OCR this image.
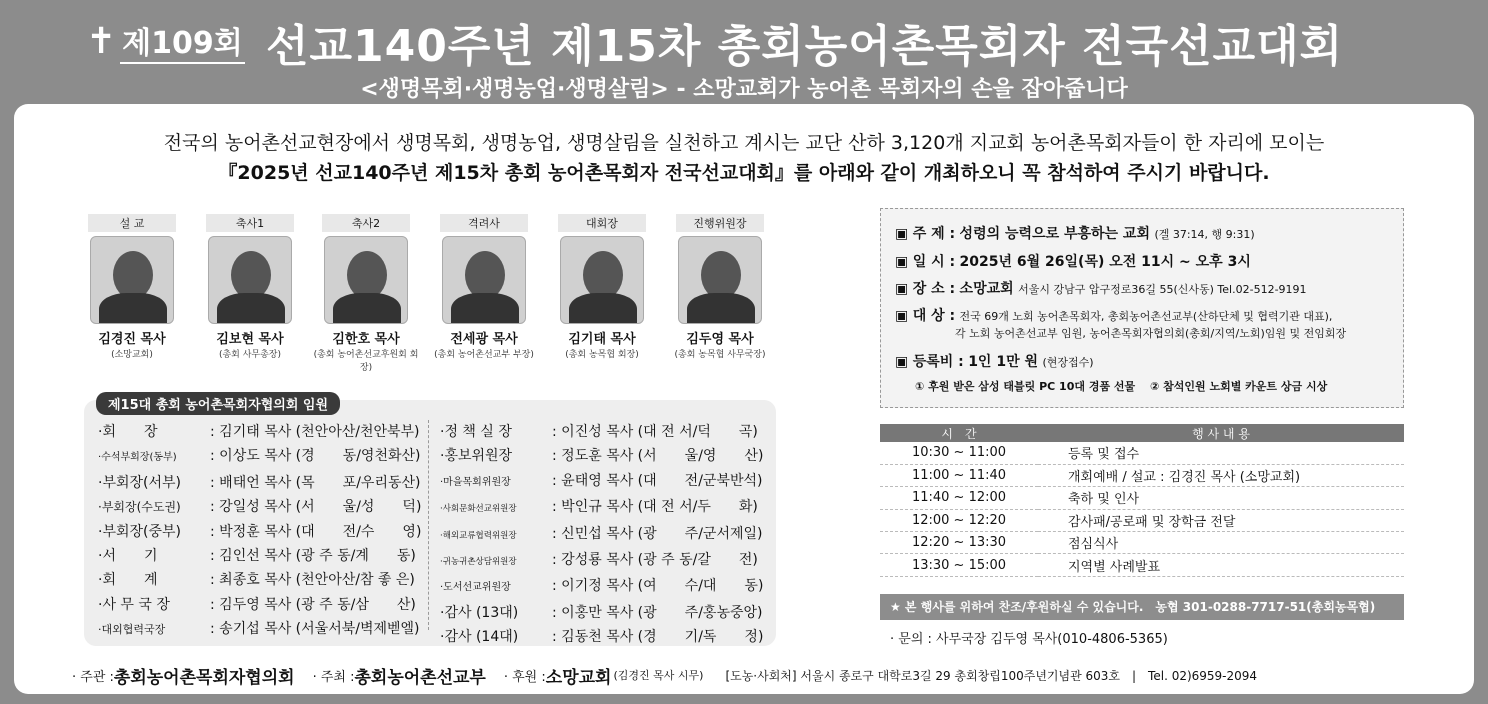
✝ 제109회 선교140주년 제15차 총회농어촌목회자 전국선교대회
<생명목회·생명농업·생명살림> - 소망교회가 농어촌 목회자의 손을 잡아줍니다
전국의 농어촌선교현장에서 생명목회, 생명농업, 생명살림을 실천하고 계시는 교단 산하 3,120개 지교회 농어촌목회자들이 한 자리에 모이는
『2025년 선교140주년 제15차 총회 농어촌목회자 전국선교대회』를 아래와 같이 개최하오니 꼭 참석하여 주시기 바랍니다.
설 교
김경진 목사
(소망교회)
축사1
김보현 목사
(총회 사무총장)
축사2
김한호 목사
(총회 농어촌선교후원회 회장)
격려사
전세광 목사
(총회 농어촌선교부 부장)
대회장
김기태 목사
(총회 농목협 회장)
진행위원장
김두영 목사
(총회 농목협 사무국장)
제15대 총회 농어촌목회자협의회 임원
·회　　장	: 김기태 목사 (천안아산/천안북부)
·수석부회장(동부) : 이상도 목사 (경　　동/영천화산)
·부회장(서부) : 배태언 목사 (목　　포/우리동산)
·부회장(수도권) : 강일성 목사 (서　　울/성　　덕)
·부회장(중부) : 박정훈 목사 (대　　전/수　　영)
·서　　기	: 김인선 목사 (광 주 동/계　　동)
·회　　계	: 최종호 목사 (천안아산/참 좋 은)
·사 무 국 장	: 김두영 목사 (광 주 동/삼　　산)
·대외협력국장	: 송기섭 목사 (서울서북/벽제벧엘)
·정 책 실 장	: 이진성 목사 (대 전 서/덕　　곡)
·홍보위원장	: 정도훈 목사 (서　　울/영　　산)
·마을목회위원장	: 윤태영 목사 (대　　전/군북반석)
·사회문화선교위원장	: 박인규 목사 (대 전 서/두　　화)
·해외교류협력위원장	: 신민섭 목사 (광　　주/군서제일)
·귀농귀촌상담위원장	: 강성룡 목사 (광 주 동/갈　　전)
·도서선교위원장	: 이기정 목사 (여　　수/대　　동)
·감사 (13대) : 이홍만 목사 (광　　주/홍농중앙)
·감사 (14대) : 김동천 목사 (경　　기/독　　정)
▣ 주 제 : 성령의 능력으로 부흥하는 교회 (겔 37:14, 행 9:31)
▣ 일 시 : 2025년 6월 26일(목) 오전 11시 ~ 오후 3시
▣ 장 소 : 소망교회 서울시 강남구 압구정로36길 55(신사동) Tel.02-512-9191
▣ 대 상 : 전국 69개 노회 농어촌목회자, 총회농어촌선교부(산하단체 및 협력기관 대표),
각 노회 농어촌선교부 임원, 농어촌목회자협의회(총회/지역/노회)임원 및 전임회장
▣ 등록비 : 1인 1만 원 (현장접수)
① 후원 받은 삼성 태블릿 PC 10대 경품 선물　 ② 참석인원 노회별 카운트 상금 시상
시　간	행 사 내 용
10:30 ~ 11:00	등록 및 접수
11:00 ~ 11:40	개회예배 / 설교 : 김경진 목사 (소망교회)
11:40 ~ 12:00	축하 및 인사
12:00 ~ 12:20	감사패/공로패 및 장학금 전달
12:20 ~ 13:30	점심식사
13:30 ~ 15:00	지역별 사례발표
★ 본 행사를 위하여 찬조/후원하실 수 있습니다.　농협 301-0288-7717-51(총회농목협)
· 문의 : 사무국장 김두영 목사(010-4806-5365)
· 주관 : 총회농어촌목회자협의회 · 주최 : 총회농어촌선교부 · 후원 : 소망교회 (김경진 목사 시무) [도농·사회처] 서울시 종로구 대학로3길 29 총회창립100주년기념관 603호　|　Tel. 02)6959-2094
